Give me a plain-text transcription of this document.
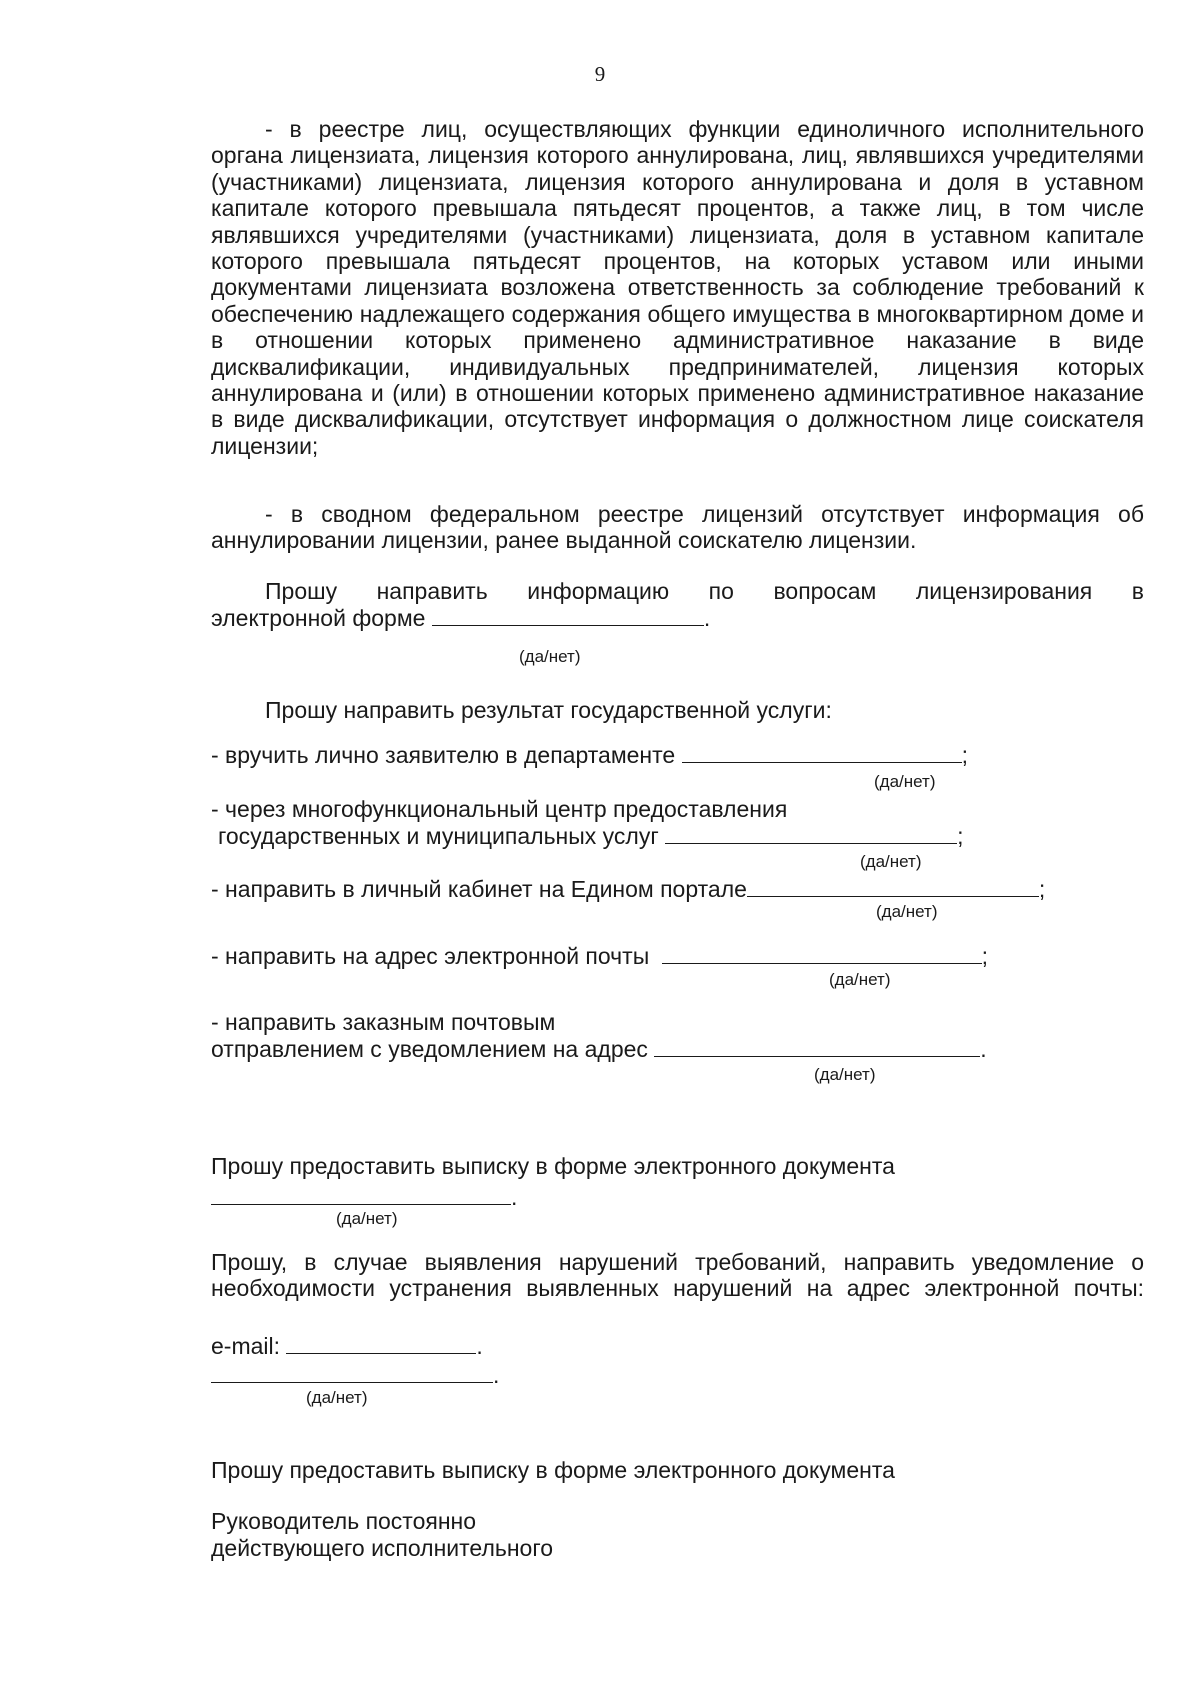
9
- в реестре лиц, осуществляющих функции единоличного исполнительного органа лицензиата, лицензия которого аннулирована, лиц, являвшихся учредителями (участниками) лицензиата, лицензия которого аннулирована и доля в уставном капитале которого превышала пятьдесят процентов, а также лиц, в том числе являвшихся учредителями (участниками) лицензиата, доля в уставном капитале которого превышала пятьдесят процентов, на которых уставом или иными документами лицензиата возложена ответственность за соблюдение требований к обеспечению надлежащего содержания общего имущества в многоквартирном доме и в отношении которых применено административное наказание в виде дисквалификации, индивидуальных предпринимателей, лицензия которых аннулирована и (или) в отношении которых применено административное наказание в виде дисквалификации, отсутствует информация о должностном лице соискателя лицензии;
- в сводном федеральном реестре лицензий отсутствует информация об аннулировании лицензии, ранее выданной соискателю лицензии.
Прошу направить информацию по вопросам лицензирования в
электронной форме	.
(да/нет)
Прошу направить результат государственной услуги:
- вручить лично заявителю в департаменте	;
(да/нет)
- через многофункциональный центр предоставления
государственных и муниципальных услуг	;
(да/нет)
- направить в личный кабинет на Едином портале	;
(да/нет)
- направить на адрес электронной почты	;
(да/нет)
- направить заказным почтовым
отправлением с уведомлением на адрес	.
(да/нет)
Прошу предоставить выписку в форме электронного документа
.
(да/нет)
Прошу, в случае выявления нарушений требований, направить уведомление о необходимости устранения выявленных нарушений на адрес электронной почты:
e-mail:	.
.
(да/нет)
Прошу предоставить выписку в форме электронного документа
Руководитель постоянно
действующего исполнительного
